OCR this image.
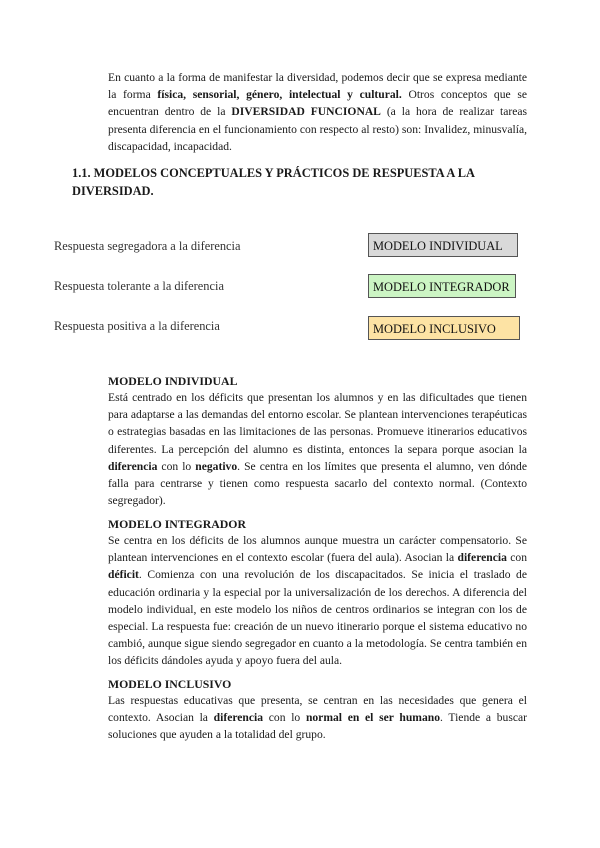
En cuanto a la forma de manifestar la diversidad, podemos decir que se expresa mediante la forma física, sensorial, género, intelectual y cultural. Otros conceptos que se encuentran dentro de la DIVERSIDAD FUNCIONAL (a la hora de realizar tareas presenta diferencia en el funcionamiento con respecto al resto) son: Invalidez, minusvalía, discapacidad, incapacidad.

1.1. MODELOS CONCEPTUALES Y PRÁCTICOS DE RESPUESTA A LA DIVERSIDAD.

Respuesta segregadora a la diferencia	MODELO INDIVIDUAL
Respuesta tolerante a la diferencia	MODELO INTEGRADOR
Respuesta positiva a la diferencia	MODELO INCLUSIVO

MODELO INDIVIDUAL

Está centrado en los déficits que presentan los alumnos y en las dificultades que tienen para adaptarse a las demandas del entorno escolar. Se plantean intervenciones terapéuticas o estrategias basadas en las limitaciones de las personas. Promueve itinerarios educativos diferentes. La percepción del alumno es distinta, entonces la separa porque asocian la diferencia con lo negativo. Se centra en los límites que presenta el alumno, ven dónde falla para centrarse y tienen como respuesta sacarlo del contexto normal. (Contexto segregador).

MODELO INTEGRADOR

Se centra en los déficits de los alumnos aunque muestra un carácter compensatorio. Se plantean intervenciones en el contexto escolar (fuera del aula). Asocian la diferencia con déficit. Comienza con una revolución de los discapacitados. Se inicia el traslado de educación ordinaria y la especial por la universalización de los derechos. A diferencia del modelo individual, en este modelo los niños de centros ordinarios se integran con los de especial. La respuesta fue: creación de un nuevo itinerario porque el sistema educativo no cambió, aunque sigue siendo segregador en cuanto a la metodología. Se centra también en los déficits dándoles ayuda y apoyo fuera del aula.

MODELO INCLUSIVO

Las respuestas educativas que presenta, se centran en las necesidades que genera el contexto. Asocian la diferencia con lo normal en el ser humano. Tiende a buscar soluciones que ayuden a la totalidad del grupo.
